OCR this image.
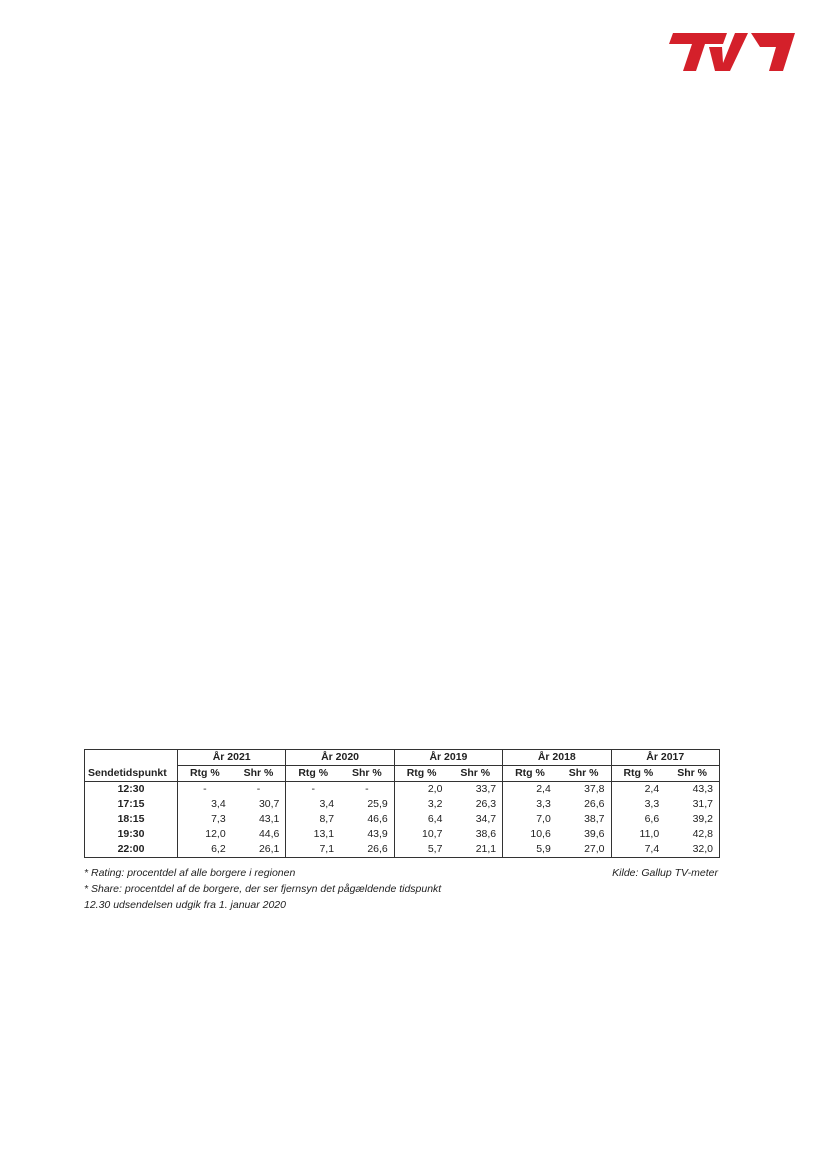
	År 2021		År 2020		År 2019		År 2018		År 2017	
Sendetidspunkt	Rtg %	Shr %	Rtg %	Shr %	Rtg %	Shr %	Rtg %	Shr %	Rtg %	Shr %
12:30	-	-	-	-	2,0	33,7	2,4	37,8	2,4	43,3
17:15	3,4	30,7	3,4	25,9	3,2	26,3	3,3	26,6	3,3	31,7
18:15	7,3	43,1	8,7	46,6	6,4	34,7	7,0	38,7	6,6	39,2
19:30	12,0	44,6	13,1	43,9	10,7	38,6	10,6	39,6	11,0	42,8
22:00	6,2	26,1	7,1	26,6	5,7	21,1	5,9	27,0	7,4	32,0
* Rating: procentdel af alle borgere i regionen
* Share: procentdel af de borgere, der ser fjernsyn det pågældende tidspunkt
12.30 udsendelsen udgik fra 1. januar 2020
Kilde: Gallup TV-meter
